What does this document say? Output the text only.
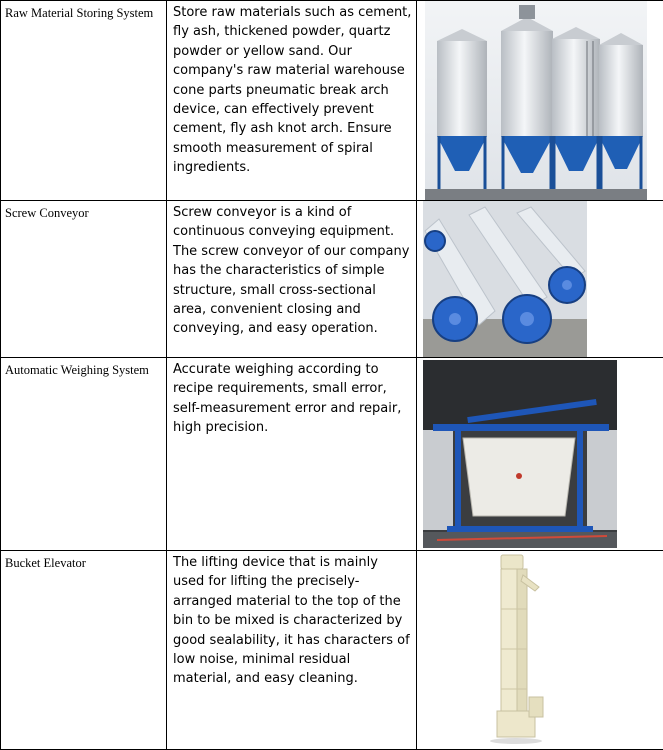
Raw Material Storing System	Store raw materials such as cement, fly ash, thickened powder, quartz powder or yellow sand. Our company's raw material warehouse cone parts pneumatic break arch device, can effectively prevent cement, fly ash knot arch. Ensure smooth measurement of spiral ingredients.

Screw Conveyor	Screw conveyor is a kind of continuous conveying equipment. The screw conveyor of our company has the characteristics of simple structure, small cross-sectional area, convenient closing and conveying, and easy operation.

Automatic Weighing System	Accurate weighing according to recipe requirements, small error, self-measurement error and repair, high precision.

Bucket Elevator	The lifting device that is mainly used for lifting the precisely-arranged material to the top of the bin to be mixed is characterized by good sealability, it has characters of low noise, minimal residual material, and easy cleaning.
